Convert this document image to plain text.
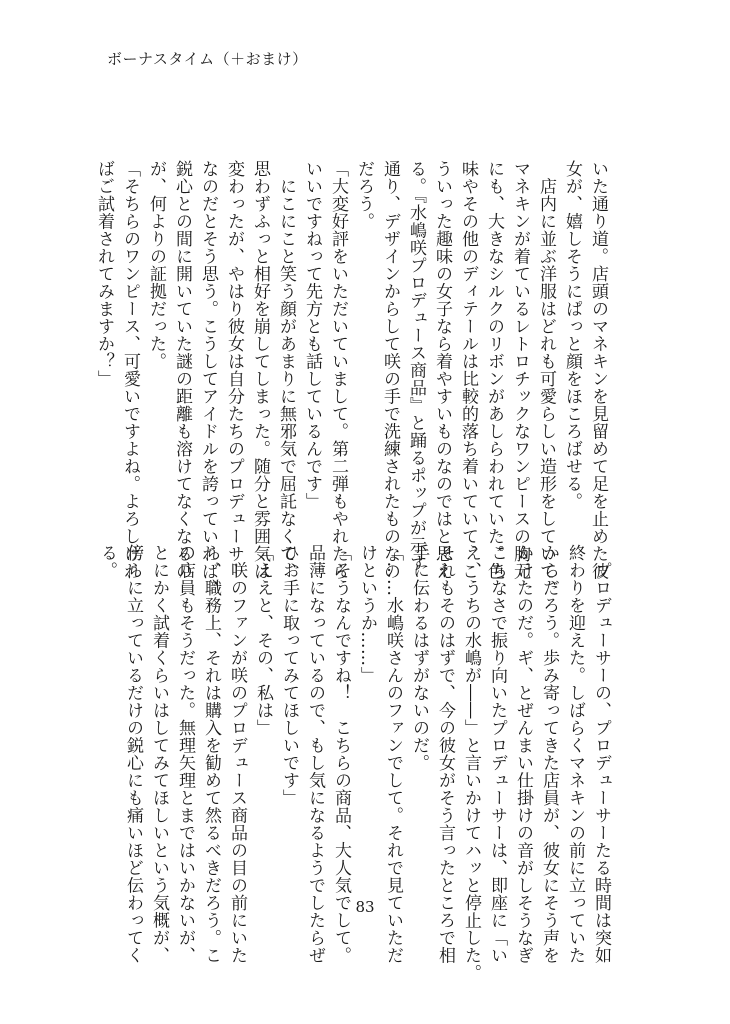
ボーナスタイム（＋おまけ）
いた通り道。店頭のマネキンを見留めて足を止めた彼
女が、嬉しそうにぱっと顔をほころばせる。
　店内に並ぶ洋服はどれも可愛らしい造形をしていて、
マネキンが着ているレトロチックなワンピースの胸元
にも、大きなシルクのリボンがあしらわれていた。色
味やその他のディテールは比較的落ち着いていて、こ
ういった趣味の女子なら着やすいものなのではと思え
る。『水嶋咲プロデュース商品』と踊るポップが示す
通り、デザインからして咲の手で洗練されたものなの
だろう。
「大変好評をいただいていまして。第二弾もやれたら
いいですねって先方とも話しているんです」
　にこにこと笑う顔があまりに無邪気で屈託なくて、
思わずふっと相好を崩してしまった。随分と雰囲気は
変わったが、やはり彼女は自分たちのプロデューサー
なのだとそう思う。こうしてアイドルを誇っていれば、
鋭心との間に開いていた謎の距離も溶けてなくなるの
が、何よりの証拠だった。
「そちらのワンピース、可愛いですよね。よろしけれ
ばご試着されてみますか？」
　プロデューサーの、プロデューサーたる時間は突如
終わりを迎えた。しばらくマネキンの前に立っていた
からだろう。歩み寄ってきた店員が、彼女にそう声を
かけたのだ。ギ、とぜんまい仕掛けの音がしそうなぎ
こちなさで振り向いたプロデューサーは、即座に「い
え、うちの水嶋が――」と言いかけてハッと停止した。
それもそのはずで、今の彼女がそう言ったところで相
手に伝わるはずがないのだ。
「……水嶋咲さんのファンでして。それで見ていただ
けというか……」
「そうなんですね！　こちらの商品、大人気でして。
品薄になっているので、もし気になるようでしたらぜ
ひお手に取ってみてほしいです」
「ええと、その、私は」
　咲のファンが咲のプロデュース商品の目の前にいた
ら、職務上、それは購入を勧めて然るべきだろう。こ
の店員もそうだった。無理矢理とまではいかないが、
とにかく試着くらいはしてみてほしいという気概が、
傍らに立っているだけの鋭心にも痛いほど伝わってく
る。
83
